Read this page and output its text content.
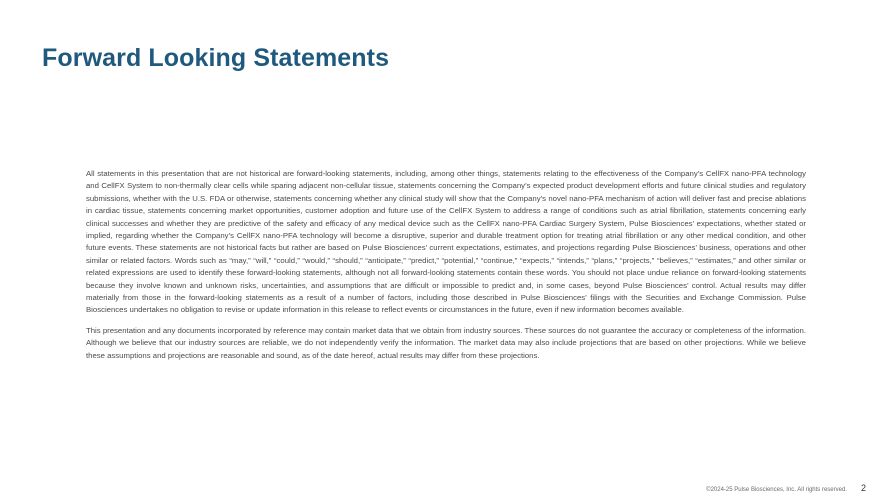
Forward Looking Statements

All statements in this presentation that are not historical are forward-looking statements, including, among other things, statements relating to the effectiveness of the Company’s CellFX nano-PFA technology and CellFX System to non-thermally clear cells while sparing adjacent non-cellular tissue, statements concerning the Company’s expected product development efforts and future clinical studies and regulatory submissions, whether with the U.S. FDA or otherwise, statements concerning whether any clinical study will show that the Company’s novel nano-PFA mechanism of action will deliver fast and precise ablations in cardiac tissue, statements concerning market opportunities, customer adoption and future use of the CellFX System to address a range of conditions such as atrial fibrillation, statements concerning early clinical successes and whether they are predictive of the safety and efficacy of any medical device such as the CellFX nano-PFA Cardiac Surgery System, Pulse Biosciences’ expectations, whether stated or implied, regarding whether the Company’s CellFX nano-PFA technology will become a disruptive, superior and durable treatment option for treating atrial fibrillation or any other medical condition, and other future events. These statements are not historical facts but rather are based on Pulse Biosciences’ current expectations, estimates, and projections regarding Pulse Biosciences’ business, operations and other similar or related factors. Words such as “may,” “will,” “could,” “would,” “should,” “anticipate,” “predict,” “potential,” “continue,” “expects,” “intends,” “plans,” “projects,” “believes,” “estimates,” and other similar or related expressions are used to identify these forward-looking statements, although not all forward-looking statements contain these words. You should not place undue reliance on forward-looking statements because they involve known and unknown risks, uncertainties, and assumptions that are difficult or impossible to predict and, in some cases, beyond Pulse Biosciences’ control. Actual results may differ materially from those in the forward-looking statements as a result of a number of factors, including those described in Pulse Biosciences’ filings with the Securities and Exchange Commission. Pulse Biosciences undertakes no obligation to revise or update information in this release to reflect events or circumstances in the future, even if new information becomes available.

This presentation and any documents incorporated by reference may contain market data that we obtain from industry sources. These sources do not guarantee the accuracy or completeness of the information. Although we believe that our industry sources are reliable, we do not independently verify the information. The market data may also include projections that are based on other projections. While we believe these assumptions and projections are reasonable and sound, as of the date hereof, actual results may differ from these projections.

©2024-25 Pulse Biosciences, Inc. All rights reserved. 2
